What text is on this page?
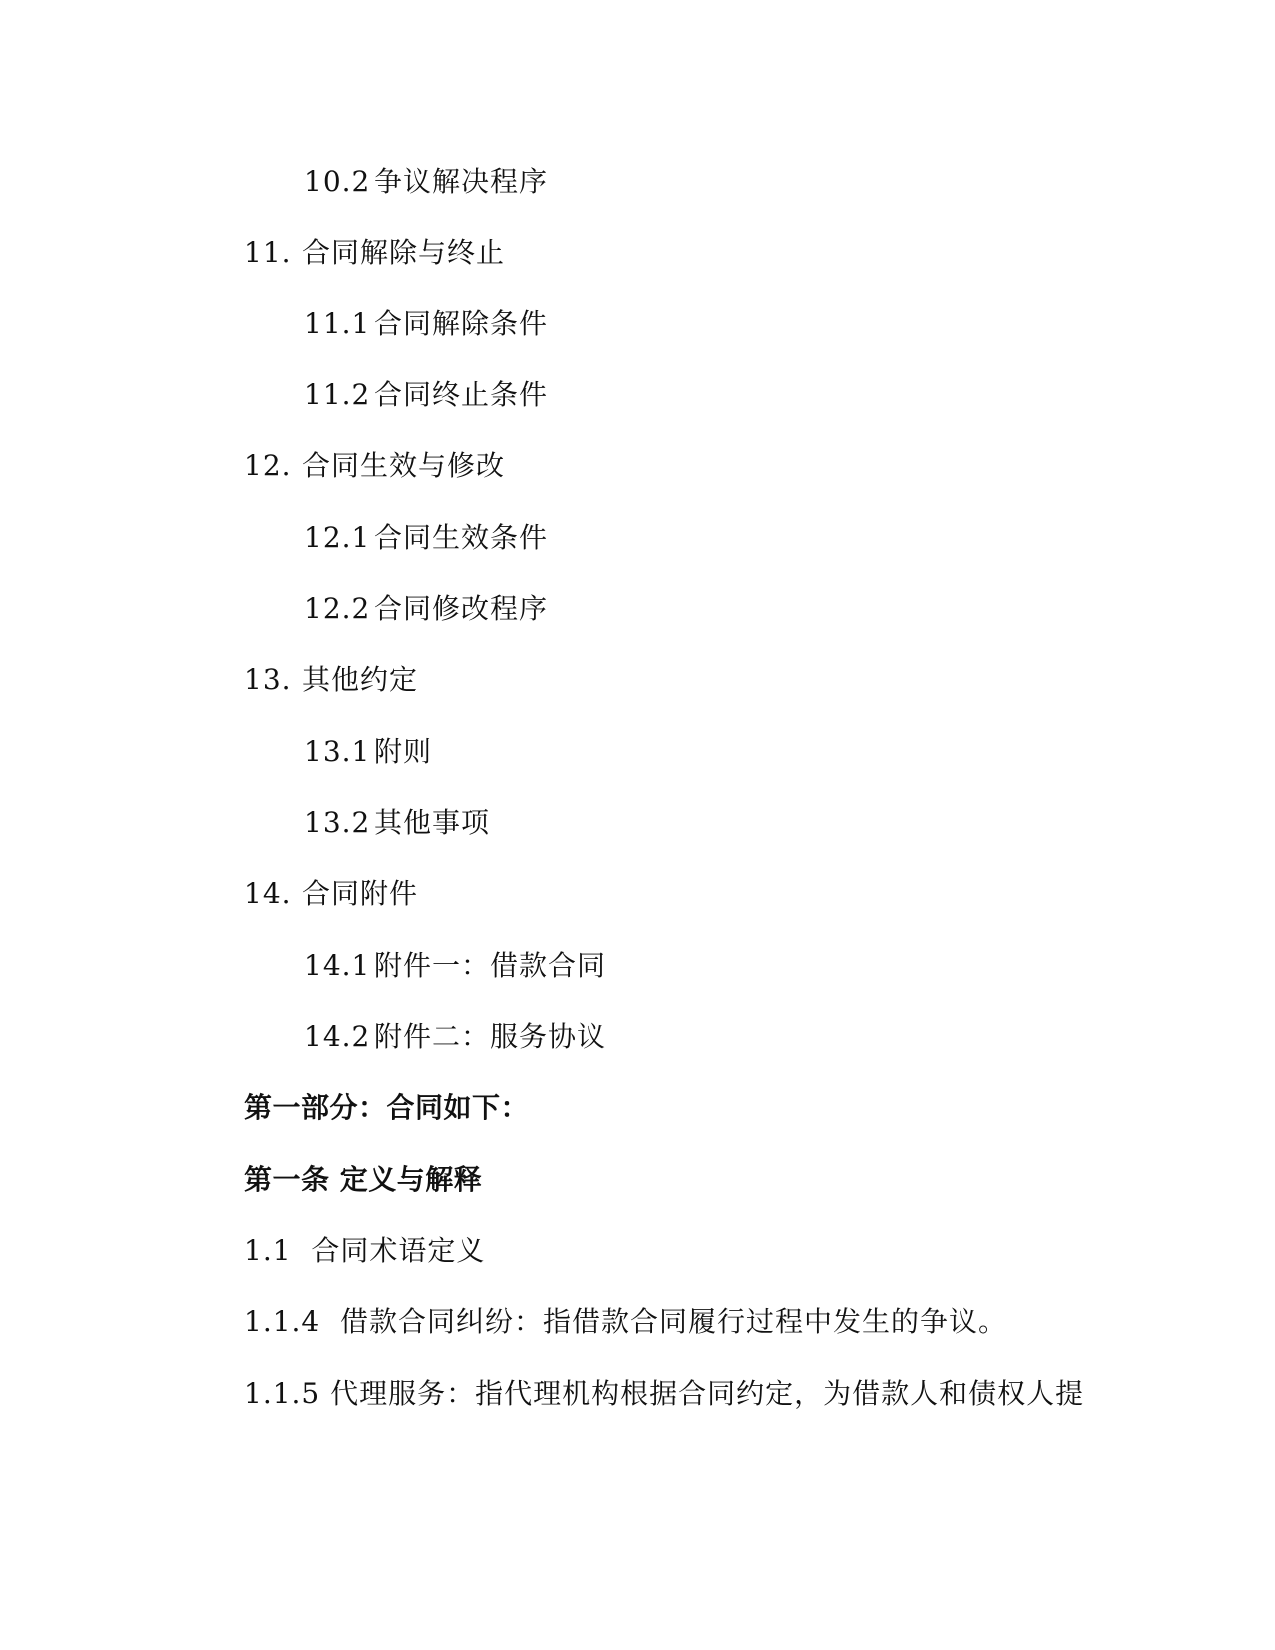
10.2 争议解决程序
11. 合同解除与终止
11.1 合同解除条件
11.2 合同终止条件
12. 合同生效与修改
12.1 合同生效条件
12.2 合同修改程序
13. 其他约定
13.1 附则
13.2 其他事项
14. 合同附件
14.1 附件一：借款合同
14.2 附件二：服务协议
第一部分：合同如下：
第一条 定义与解释
1.1  合同术语定义
1.1.4  借款合同纠纷：指借款合同履行过程中发生的争议。
1.1.5 代理服务：指代理机构根据合同约定，为借款人和债权人提
